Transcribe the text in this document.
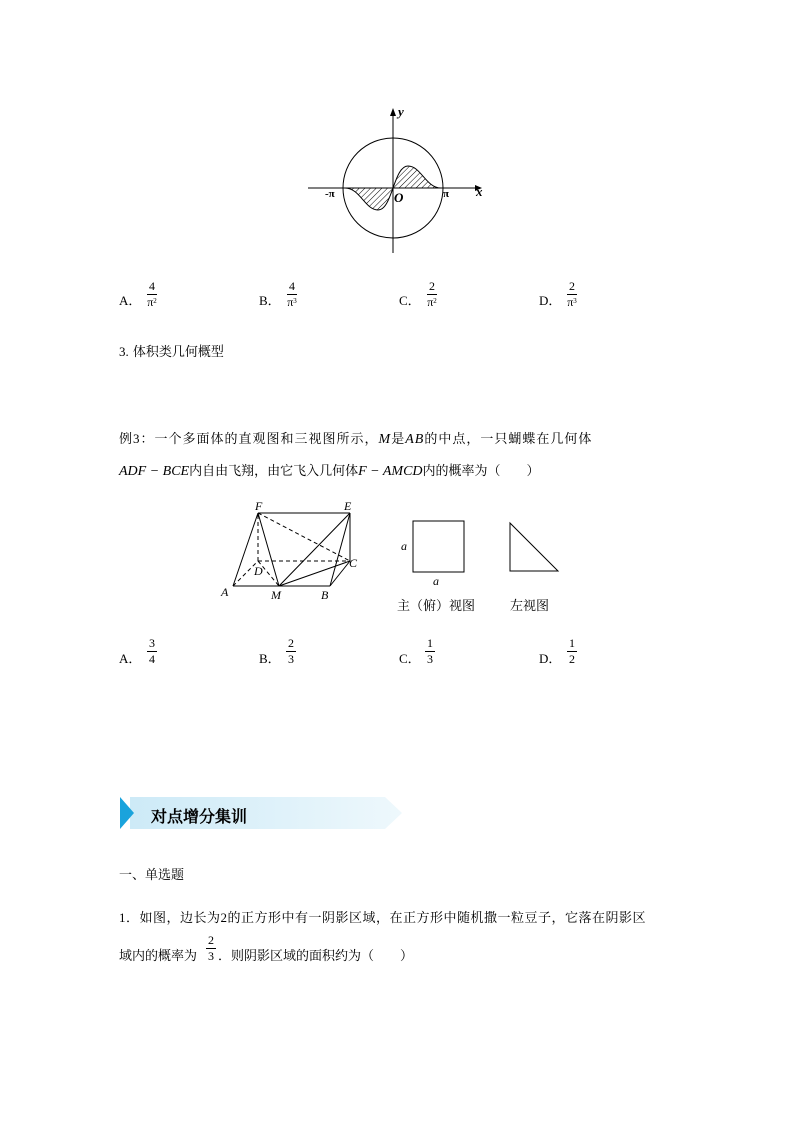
y
x
O
-π	π
A．
4
$\pi^2$	B．
4
$\pi^3$	C．
2
$\pi^2$	D．
2
$\pi^3$
3. 体积类几何概型
例3：一个多面体的直观图和三视图所示，M是AB的中点，一只蝴蝶在几何体
ADF − BCE内自由飞翔，由它飞入几何体F − AMCD内的概率为（　　）
F	E
D
C
A	M	B
a
a
主（俯）视图	左视图
A．
3
4	B．
2
3	C．
1
3	D．
1
2
对点增分集训
一、单选题
1．如图，边长为2的正方形中有一阴影区域，在正方形中随机撒一粒豆子，它落在阴影区
域内的概率为
2
3 ．则阴影区域的面积约为（　　）
